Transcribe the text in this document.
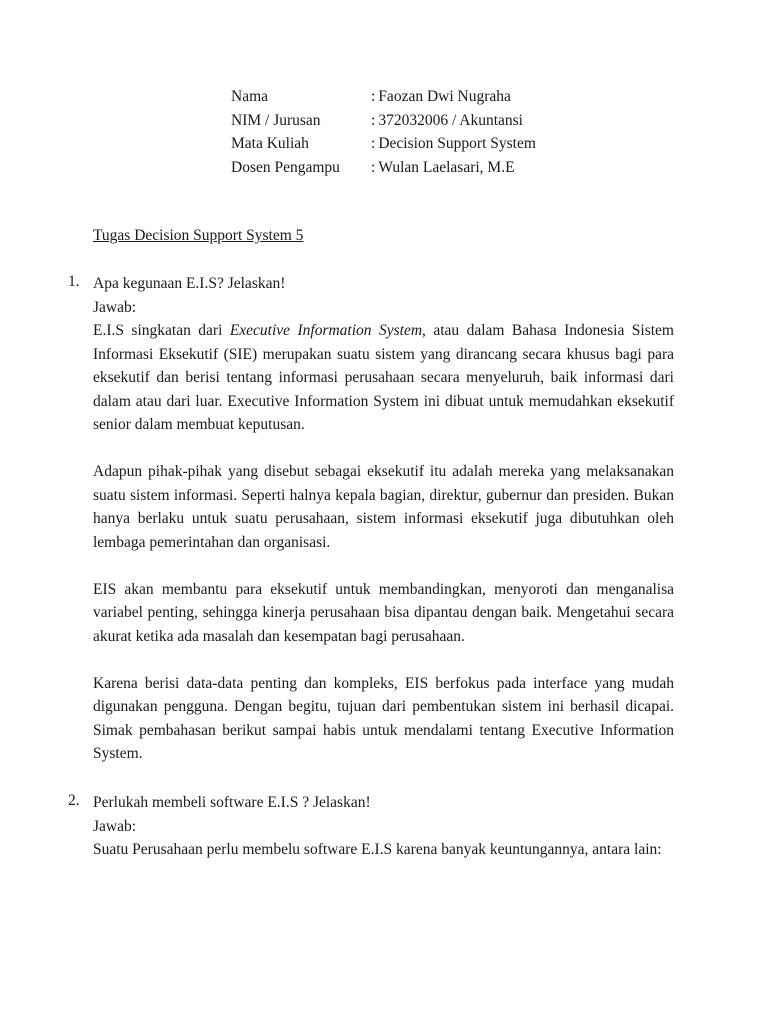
Nama	: Faozan Dwi Nugraha
NIM / Jurusan	: 372032006 / Akuntansi
Mata Kuliah	: Decision Support System
Dosen Pengampu	: Wulan Laelasari, M.E
Tugas Decision Support System 5
1. Apa kegunaan E.I.S? Jelaskan!

Jawab:

E.I.S singkatan dari Executive Information System, atau dalam Bahasa Indonesia Sistem Informasi Eksekutif (SIE) merupakan suatu sistem yang dirancang secara khusus bagi para eksekutif dan berisi tentang informasi perusahaan secara menyeluruh, baik informasi dari dalam atau dari luar. Executive Information System ini dibuat untuk memudahkan eksekutif senior dalam membuat keputusan.

Adapun pihak-pihak yang disebut sebagai eksekutif itu adalah mereka yang melaksanakan suatu sistem informasi. Seperti halnya kepala bagian, direktur, gubernur dan presiden. Bukan hanya berlaku untuk suatu perusahaan, sistem informasi eksekutif juga dibutuhkan oleh lembaga pemerintahan dan organisasi.

EIS akan membantu para eksekutif untuk membandingkan, menyoroti dan menganalisa variabel penting, sehingga kinerja perusahaan bisa dipantau dengan baik. Mengetahui secara akurat ketika ada masalah dan kesempatan bagi perusahaan.

Karena berisi data-data penting dan kompleks, EIS berfokus pada interface yang mudah digunakan pengguna. Dengan begitu, tujuan dari pembentukan sistem ini berhasil dicapai. Simak pembahasan berikut sampai habis untuk mendalami tentang Executive Information System.

2. Perlukah membeli software E.I.S ? Jelaskan!

Jawab:

Suatu Perusahaan perlu membelu software E.I.S karena banyak keuntungannya, antara lain:
